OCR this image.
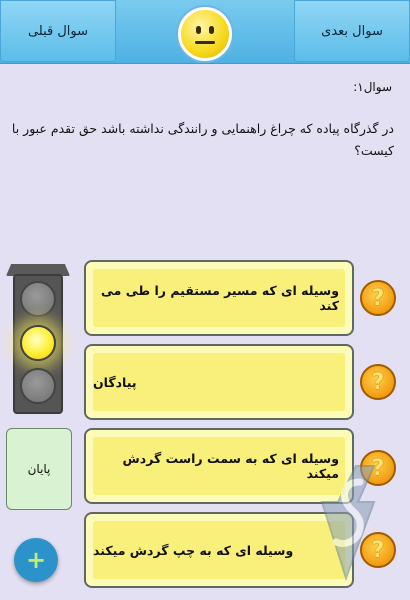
سوال قبلی	سوال بعدی
سوال۱:
در گذرگاه پیاده که چراغ راهنمایی و رانندگی نداشته باشد حق تقدم عبور با کیست؟
پایان
وسیله ای که مسیر مستقیم را طی می کند
پیادگان
وسیله ای که به سمت راست گردش میکند
وسیله ای که به چپ گردش میکند
?
?
?
?
+
